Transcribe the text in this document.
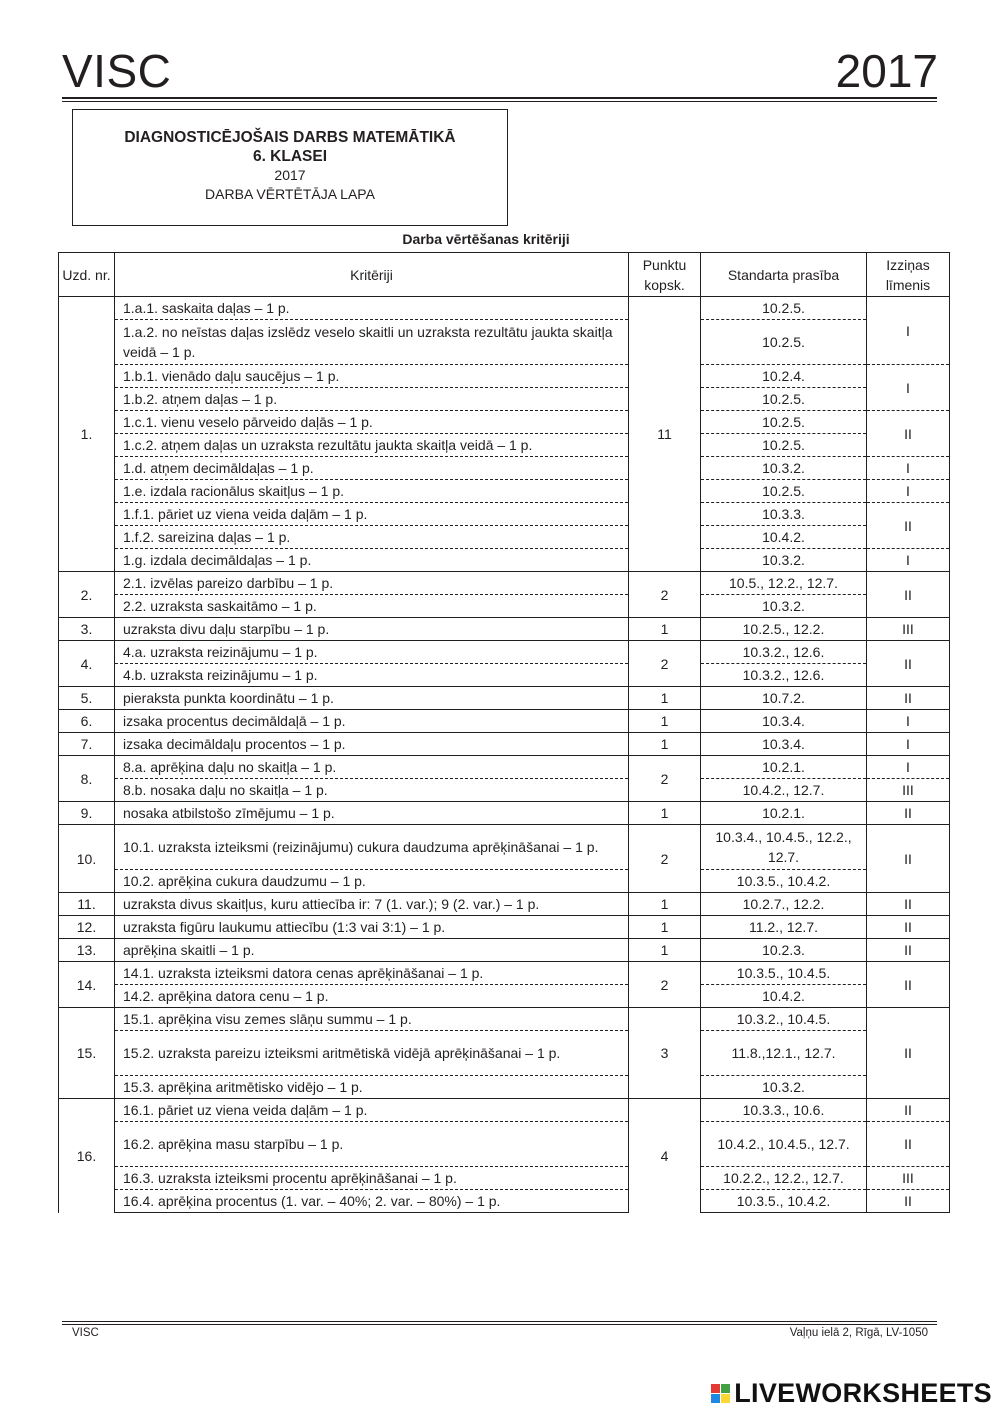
VISC	2017
DIAGNOSTICĒJOŠAIS DARBS MATEMĀTIKĀ
6. KLASEI
2017
DARBA VĒRTĒTĀJA LAPA
Darba vērtēšanas kritēriji
Uzd. nr.	Kritēriji	Punktu kopsk.	Standarta prasība	Izziņas līmenis
1.	1.a.1. saskaita daļas – 1 p.	11	10.2.5.	I
	1.a.2. no neīstas daļas izslēdz veselo skaitli un uzraksta rezultātu jaukta skaitļa veidā – 1 p.		10.2.5.	
	1.b.1. vienādo daļu saucējus – 1 p.		10.2.4.	I
	1.b.2. atņem daļas – 1 p.		10.2.5.	
	1.c.1. vienu veselo pārveido daļās – 1 p.		10.2.5.	II
	1.c.2. atņem daļas un uzraksta rezultātu jaukta skaitļa veidā – 1 p.		10.2.5.	
	1.d. atņem decimāldaļas – 1 p.		10.3.2.	I
	1.e. izdala racionālus skaitļus – 1 p.		10.2.5.	I
	1.f.1. pāriet uz viena veida daļām – 1 p.		10.3.3.	II
	1.f.2. sareizina daļas – 1 p.		10.4.2.	
	1.g. izdala decimāldaļas – 1 p.		10.3.2.	I
2.	2.1. izvēlas pareizo darbību – 1 p.	2	10.5., 12.2., 12.7.	II
	2.2. uzraksta saskaitāmo – 1 p.		10.3.2.	
3.	uzraksta divu daļu starpību – 1 p.	1	10.2.5., 12.2.	III
4.	4.a. uzraksta reizinājumu – 1 p.	2	10.3.2., 12.6.	II
	4.b. uzraksta reizinājumu – 1 p.		10.3.2., 12.6.	
5.	pieraksta punkta koordinātu – 1 p.	1	10.7.2.	II
6.	izsaka procentus decimāldaļā – 1 p.	1	10.3.4.	I
7.	izsaka decimāldaļu procentos – 1 p.	1	10.3.4.	I
8.	8.a. aprēķina daļu no skaitļa – 1 p.	2	10.2.1.	I
	8.b. nosaka daļu no skaitļa – 1 p.		10.4.2., 12.7.	III
9.	nosaka atbilstošo zīmējumu – 1 p.	1	10.2.1.	II
10.	10.1. uzraksta izteiksmi (reizinājumu) cukura daudzuma aprēķināšanai – 1 p.	2	10.3.4., 10.4.5., 12.2., 12.7.	II
	10.2. aprēķina cukura daudzumu – 1 p.		10.3.5., 10.4.2.	
11.	uzraksta divus skaitļus, kuru attiecība ir: 7 (1. var.); 9 (2. var.) – 1 p.	1	10.2.7., 12.2.	II
12.	uzraksta figūru laukumu attiecību (1:3 vai 3:1) – 1 p.	1	11.2., 12.7.	II
13.	aprēķina skaitli – 1 p.	1	10.2.3.	II
14.	14.1. uzraksta izteiksmi datora cenas aprēķināšanai – 1 p.	2	10.3.5., 10.4.5.	II
	14.2. aprēķina datora cenu – 1 p.		10.4.2.	
15.	15.1. aprēķina visu zemes slāņu summu – 1 p.	3	10.3.2., 10.4.5.	II
	15.2. uzraksta pareizu izteiksmi aritmētiskā vidējā aprēķināšanai – 1 p.		11.8.,12.1., 12.7.	
	15.3. aprēķina aritmētisko vidējo – 1 p.		10.3.2.	
16.	16.1. pāriet uz viena veida daļām – 1 p.	4	10.3.3., 10.6.	II
	16.2. aprēķina masu starpību – 1 p.		10.4.2., 10.4.5., 12.7.	II
	16.3. uzraksta izteiksmi procentu aprēķināšanai – 1 p.		10.2.2., 12.2., 12.7.	III
	16.4. aprēķina procentus (1. var. – 40%; 2. var. – 80%) – 1 p.		10.3.5., 10.4.2.	II
VISC	Vaļņu ielā 2, Rīgā, LV-1050
LIVEWORKSHEETS
